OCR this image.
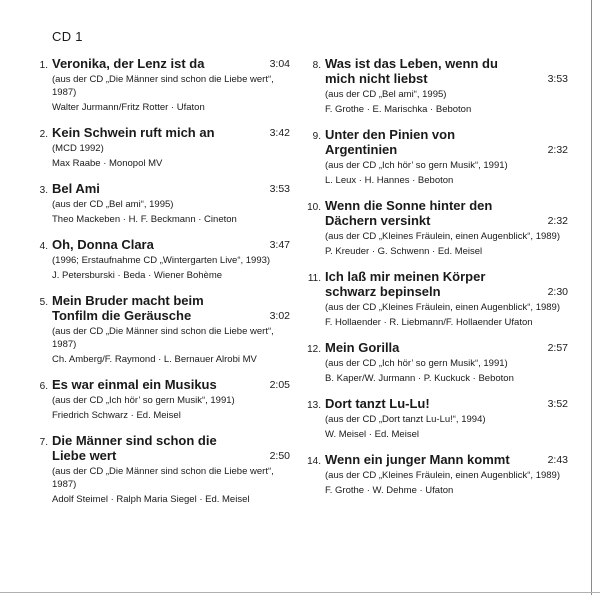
CD 1
1. Veronika, der Lenz ist da	3:04
(aus der CD „Die Männer sind schon die Liebe wert“, 1987)
Walter Jurmann/Fritz Rotter · Ufaton
2. Kein Schwein ruft mich an	3:42
(MCD 1992)
Max Raabe · Monopol MV
3. Bel Ami	3:53
(aus der CD „Bel ami“, 1995)
Theo Mackeben · H. F. Beckmann · Cineton
4. Oh, Donna Clara	3:47
(1996; Erstaufnahme CD „Wintergarten Live“, 1993)
J. Petersburski · Beda · Wiener Bohème
5. Mein Bruder macht beim Tonfilm die Geräusche	3:02
(aus der CD „Die Männer sind schon die Liebe wert“, 1987)
Ch. Amberg/F. Raymond · L. Bernauer Alrobi MV
6. Es war einmal ein Musikus	2:05
(aus der CD „Ich hör’ so gern Musik“, 1991)
Friedrich Schwarz · Ed. Meisel
7. Die Männer sind schon die Liebe wert	2:50
(aus der CD „Die Männer sind schon die Liebe wert“, 1987)
Adolf Steimel · Ralph Maria Siegel · Ed. Meisel
8. Was ist das Leben, wenn du mich nicht liebst	3:53
(aus der CD „Bel ami“, 1995)
F. Grothe · E. Marischka · Beboton
9. Unter den Pinien von Argentinien	2:32
(aus der CD „Ich hör’ so gern Musik“, 1991)
L. Leux · H. Hannes · Beboton
10. Wenn die Sonne hinter den Dächern versinkt	2:32
(aus der CD „Kleines Fräulein, einen Augenblick“, 1989)
P. Kreuder · G. Schwenn · Ed. Meisel
11. Ich laß mir meinen Körper schwarz bepinseln	2:30
(aus der CD „Kleines Fräulein, einen Augenblick“, 1989)
F. Hollaender · R. Liebmann/F. Hollaender Ufaton
12. Mein Gorilla	2:57
(aus der CD „Ich hör’ so gern Musik“, 1991)
B. Kaper/W. Jurmann · P. Kuckuck · Beboton
13. Dort tanzt Lu-Lu!	3:52
(aus der CD „Dort tanzt Lu-Lu!“, 1994)
W. Meisel · Ed. Meisel
14. Wenn ein junger Mann kommt	2:43
(aus der CD „Kleines Fräulein, einen Augenblick“, 1989)
F. Grothe · W. Dehme · Ufaton
